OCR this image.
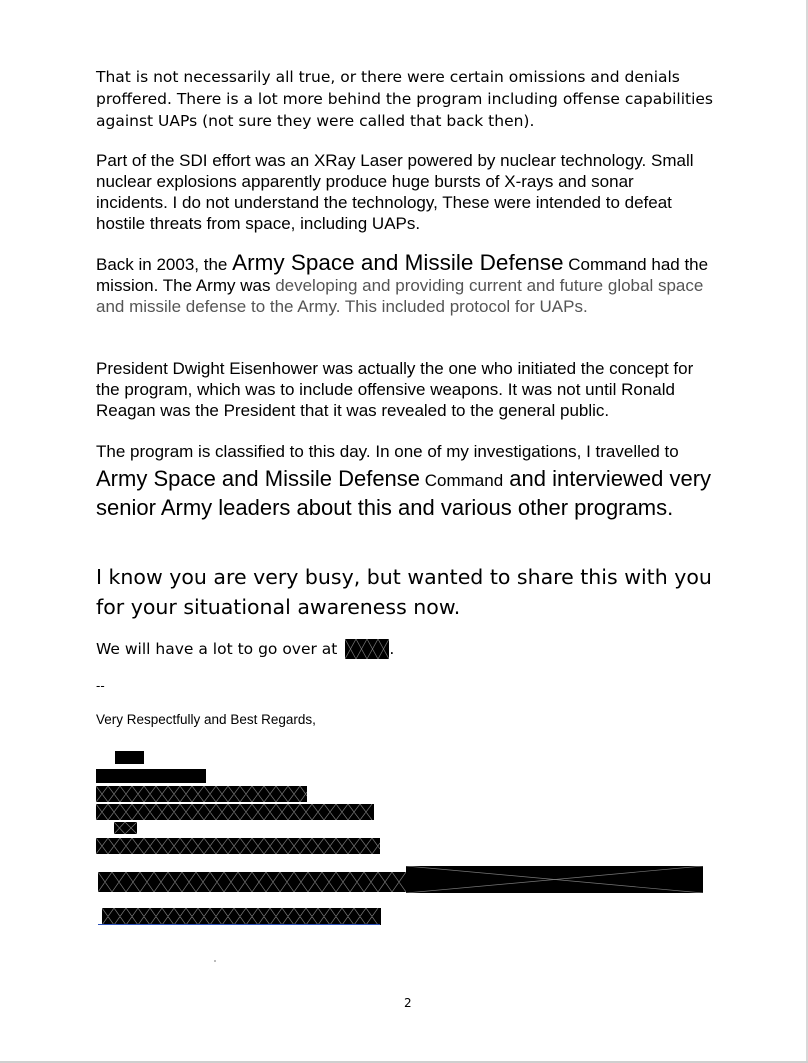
That is not necessarily all true, or there were certain omissions and denials proffered. There is a lot more behind the program including offense capabilities against UAPs (not sure they were called that back then).

Part of the SDI effort was an XRay Laser powered by nuclear technology. Small nuclear explosions apparently produce huge bursts of X-rays and sonar incidents. I do not understand the technology, These were intended to defeat hostile threats from space, including UAPs.

Back in 2003, the Army Space and Missile Defense Command had the mission. The Army was developing and providing current and future global space and missile defense to the Army. This included protocol for UAPs.

President Dwight Eisenhower was actually the one who initiated the concept for the program, which was to include offensive weapons. It was not until Ronald Reagan was the President that it was revealed to the general public.

The program is classified to this day. In one of my investigations, I travelled to Army Space and Missile Defense Command and interviewed very senior Army leaders about this and various other programs.

I know you are very busy, but wanted to share this with you for your situational awareness now.

We will have a lot to go over at	.

--
Very Respectfully and Best Regards,
2
